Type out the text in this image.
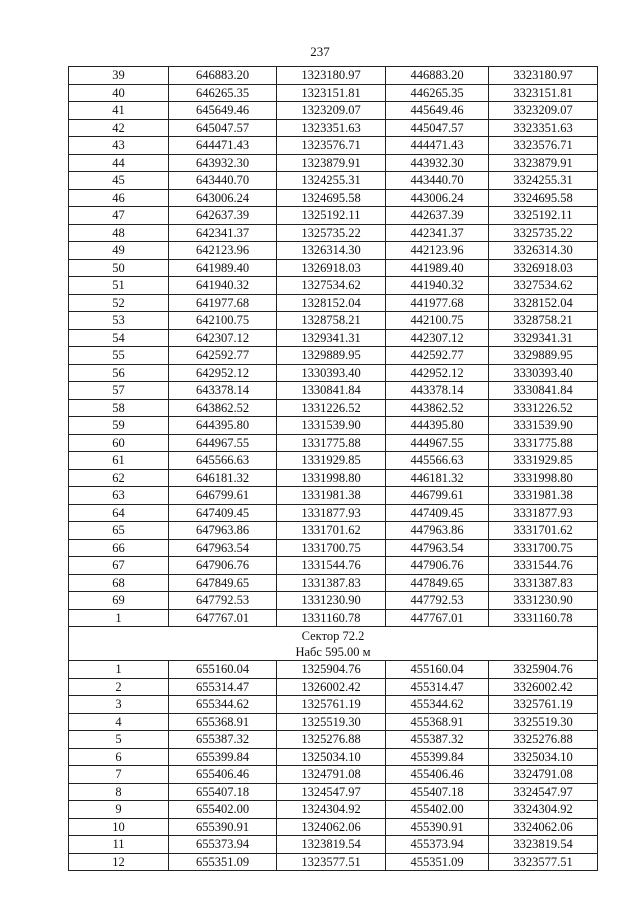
237
39	646883.20	1323180.97	446883.20	3323180.97
40	646265.35	1323151.81	446265.35	3323151.81
41	645649.46	1323209.07	445649.46	3323209.07
42	645047.57	1323351.63	445047.57	3323351.63
43	644471.43	1323576.71	444471.43	3323576.71
44	643932.30	1323879.91	443932.30	3323879.91
45	643440.70	1324255.31	443440.70	3324255.31
46	643006.24	1324695.58	443006.24	3324695.58
47	642637.39	1325192.11	442637.39	3325192.11
48	642341.37	1325735.22	442341.37	3325735.22
49	642123.96	1326314.30	442123.96	3326314.30
50	641989.40	1326918.03	441989.40	3326918.03
51	641940.32	1327534.62	441940.32	3327534.62
52	641977.68	1328152.04	441977.68	3328152.04
53	642100.75	1328758.21	442100.75	3328758.21
54	642307.12	1329341.31	442307.12	3329341.31
55	642592.77	1329889.95	442592.77	3329889.95
56	642952.12	1330393.40	442952.12	3330393.40
57	643378.14	1330841.84	443378.14	3330841.84
58	643862.52	1331226.52	443862.52	3331226.52
59	644395.80	1331539.90	444395.80	3331539.90
60	644967.55	1331775.88	444967.55	3331775.88
61	645566.63	1331929.85	445566.63	3331929.85
62	646181.32	1331998.80	446181.32	3331998.80
63	646799.61	1331981.38	446799.61	3331981.38
64	647409.45	1331877.93	447409.45	3331877.93
65	647963.86	1331701.62	447963.86	3331701.62
66	647963.54	1331700.75	447963.54	3331700.75
67	647906.76	1331544.76	447906.76	3331544.76
68	647849.65	1331387.83	447849.65	3331387.83
69	647792.53	1331230.90	447792.53	3331230.90
1	647767.01	1331160.78	447767.01	3331160.78

Сектор 72.2
Набс 595.00 м				

1	655160.04	1325904.76	455160.04	3325904.76
2	655314.47	1326002.42	455314.47	3326002.42
3	655344.62	1325761.19	455344.62	3325761.19
4	655368.91	1325519.30	455368.91	3325519.30
5	655387.32	1325276.88	455387.32	3325276.88
6	655399.84	1325034.10	455399.84	3325034.10
7	655406.46	1324791.08	455406.46	3324791.08
8	655407.18	1324547.97	455407.18	3324547.97
9	655402.00	1324304.92	455402.00	3324304.92
10	655390.91	1324062.06	455390.91	3324062.06
11	655373.94	1323819.54	455373.94	3323819.54
12	655351.09	1323577.51	455351.09	3323577.51
